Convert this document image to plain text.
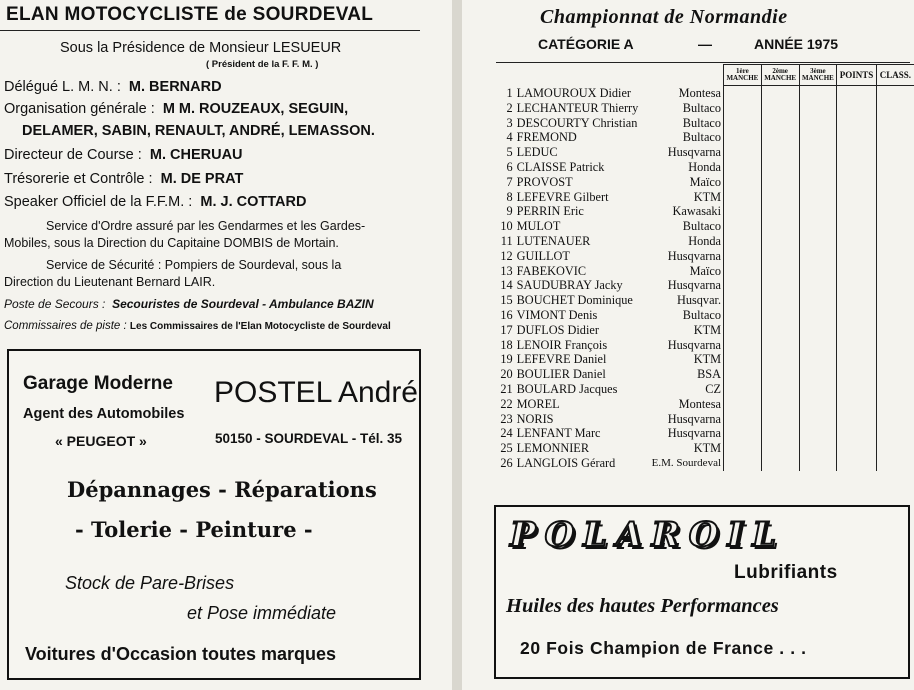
ELAN MOTOCYCLISTE de SOURDEVAL
Sous la Présidence de Monsieur LESUEUR
( Président de la F. F. M. )
Délégué L. M. N. : M. BERNARD
Organisation générale : M M. ROUZEAUX, SEGUIN,
DELAMER, SABIN, RENAULT, ANDRÉ, LEMASSON.
Directeur de Course : M. CHERUAU
Trésorerie et Contrôle : M. DE PRAT
Speaker Officiel de la F.F.M. : M. J. COTTARD
Service d'Ordre assuré par les Gendarmes et les Gardes-
Mobiles, sous la Direction du Capitaine DOMBIS de Mortain.
Service de Sécurité : Pompiers de Sourdeval, sous la
Direction du Lieutenant Bernard LAIR.
Poste de Secours : Secouristes de Sourdeval - Ambulance BAZIN
Commissaires de piste : Les Commissaires de l'Elan Motocycliste de Sourdeval
Garage Moderne
Agent des Automobiles
« PEUGEOT »
POSTEL André
50150 - SOURDEVAL - Tél. 35
Dépannages - Réparations
- Tolerie - Peinture -
Stock de Pare-Brises
et Pose immédiate
Voitures d'Occasion toutes marques
Championnat de Normandie
CATÉGORIE A	—	ANNÉE 1975
			1ère MANCHE	2ème MANCHE	3ème MANCHE	POINTS	CLASS.
1	LAMOUROUX Didier	Montesa					
2	LECHANTEUR Thierry	Bultaco					
3	DESCOURTY Christian	Bultaco					
4	FREMOND	Bultaco					
5	LEDUC	Husqvarna					
6	CLAISSE Patrick	Honda					
7	PROVOST	Maïco					
8	LEFEVRE Gilbert	KTM					
9	PERRIN Eric	Kawasaki					
10	MULOT	Bultaco					
11	LUTENAUER	Honda					
12	GUILLOT	Husqvarna					
13	FABEKOVIC	Maïco					
14	SAUDUBRAY Jacky	Husqvarna					
15	BOUCHET Dominique	Husqvar.					
16	VIMONT Denis	Bultaco					
17	DUFLOS Didier	KTM					
18	LENOIR François	Husqvarna					
19	LEFEVRE Daniel	KTM					
20	BOULIER Daniel	BSA					
21	BOULARD Jacques	CZ					
22	MOREL	Montesa					
23	NORIS	Husqvarna					
24	LENFANT Marc	Husqvarna					
25	LEMONNIER	KTM					
26	LANGLOIS Gérard	E.M. Sourdeval					
POLAROIL
Lubrifiants
Huiles des hautes Performances
20 Fois Champion de France . . .
